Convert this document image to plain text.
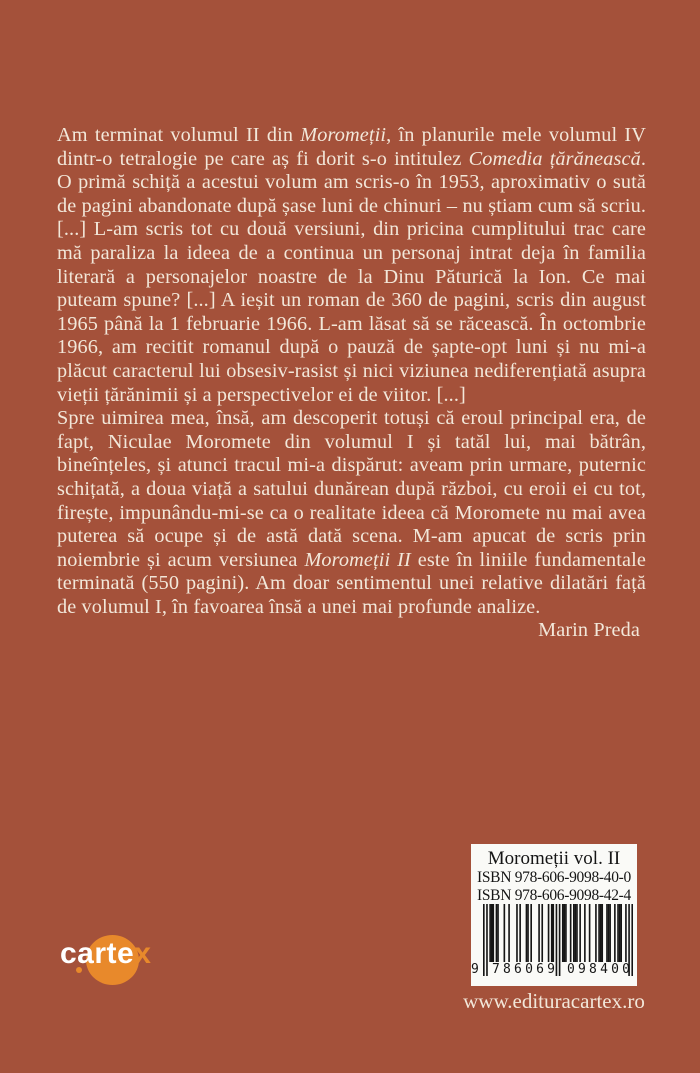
Am terminat volumul II din Moromeții, în planurile mele volumul IV dintr-o tetralogie pe care aș fi dorit s-o intitulez Comedia țărănească. O primă schiță a acestui volum am scris-o în 1953, aproximativ o sută de pagini abandonate după șase luni de chinuri – nu știam cum să scriu. [...] L-am scris tot cu două versiuni, din pricina cumplitului trac care mă paraliza la ideea de a continua un personaj intrat deja în familia literară a personajelor noastre de la Dinu Păturică la Ion. Ce mai puteam spune? [...] A ieșit un roman de 360 de pagini, scris din august 1965 până la 1 februarie 1966. L-am lăsat să se răcească. În octombrie 1966, am recitit romanul după o pauză de șapte-opt luni și nu mi-a plăcut caracterul lui obsesiv-rasist și nici viziunea nediferențiată asupra vieții țărănimii și a perspectivelor ei de viitor. [...]

Spre uimirea mea, însă, am descoperit totuși că eroul principal era, de fapt, Niculae Moromete din volumul I și tatăl lui, mai bătrân, bineînțeles, și atunci tracul mi-a dispărut: aveam prin urmare, puternic schițată, a doua viață a satului dunărean după război, cu eroii ei cu tot, firește, impunându-mi-se ca o realitate ideea că Moromete nu mai avea puterea să ocupe și de astă dată scena. M-am apucat de scris prin noiembrie și acum versiunea Moromeții II este în liniile fundamentale terminată (550 pagini). Am doar sentimentul unei relative dilatări față de volumul I, în favoarea însă a unei mai profunde analize.

Marin Preda

cartex

Moromeții vol. II

ISBN 978-606-9098-40-0

ISBN 978-606-9098-42-4

9 786069 098400
www.edituracartex.ro
